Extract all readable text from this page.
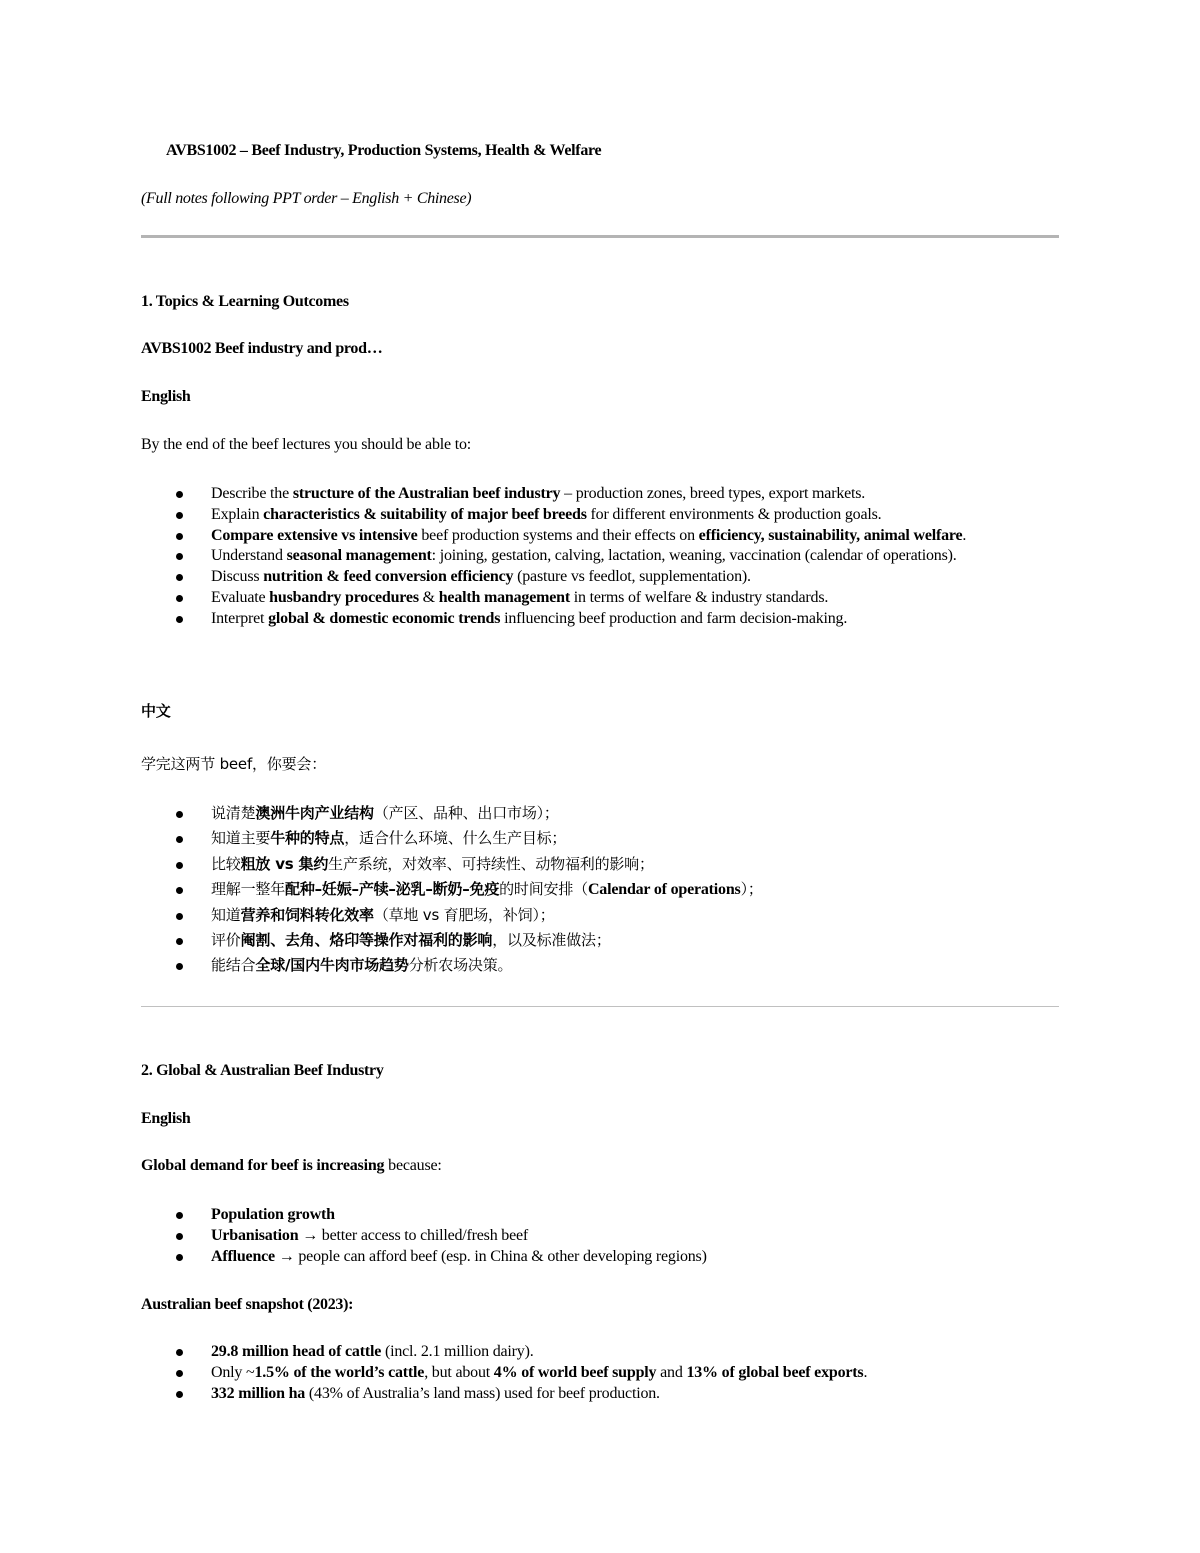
AVBS1002 – Beef Industry, Production Systems, Health & Welfare
(Full notes following PPT order – English + Chinese)
1. Topics & Learning Outcomes
AVBS1002 Beef industry and prod…
English
By the end of the beef lectures you should be able to:
Describe the structure of the Australian beef industry – production zones, breed types, export markets.
Explain characteristics & suitability of major beef breeds for different environments & production goals.
Compare extensive vs intensive beef production systems and their effects on efficiency, sustainability, animal welfare.
Understand seasonal management: joining, gestation, calving, lactation, weaning, vaccination (calendar of operations).
Discuss nutrition & feed conversion efficiency (pasture vs feedlot, supplementation).
Evaluate husbandry procedures & health management in terms of welfare & industry standards.
Interpret global & domestic economic trends influencing beef production and farm decision-making.
中文
学完这两节 beef，你要会：
说清楚澳洲牛肉产业结构（产区、品种、出口市场）；
知道主要牛种的特点，适合什么环境、什么生产目标；
比较粗放 vs 集约生产系统，对效率、可持续性、动物福利的影响；
理解一整年配种–妊娠–产犊–泌乳–断奶–免疫的时间安排（Calendar of operations）；
知道营养和饲料转化效率（草地 vs 育肥场，补饲）；
评价阉割、去角、烙印等操作对福利的影响，以及标准做法；
能结合全球/国内牛肉市场趋势分析农场决策。
2. Global & Australian Beef Industry
English
Global demand for beef is increasing because:
Population growth
Urbanisation → better access to chilled/fresh beef
Affluence → people can afford beef (esp. in China & other developing regions)
Australian beef snapshot (2023):
29.8 million head of cattle (incl. 2.1 million dairy).
Only ~1.5% of the world’s cattle, but about 4% of world beef supply and 13% of global beef exports.
332 million ha (43% of Australia’s land mass) used for beef production.
